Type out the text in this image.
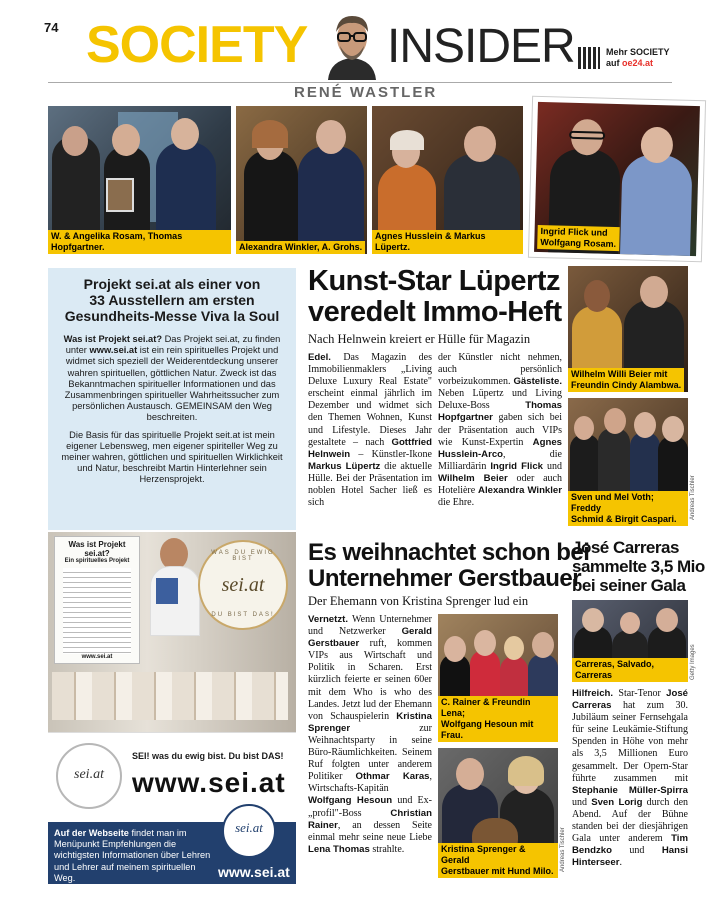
74 SOCIETY INSIDER	Mehr SOCIETY
auf oe24.at
RENÉ WASTLER
W. & Angelika Rosam, Thomas Hopfgartner.	Alexandra Winkler, A. Grohs.
Agnes Husslein & Markus Lüpertz.
Ingrid Flick und
Wolfgang Rosam.
Projekt sei.at als einer von
33 Ausstellern am ersten
Gesundheits-Messe Viva la Soul

Was ist Projekt sei.at? Das Projekt sei.at, zu finden unter www.sei.at ist ein rein spirituelles Projekt und widmet sich speziell der Weiderentdeckung unserer wahren spirituellen, göttlichen Natur. Zweck ist das Bekanntmachen spiritueller Informationen und das Zusammenbringen spiritueller Wahrheitssucher zum persönlichen Austausch. GEMEINSAM den Weg beschreiten.

Die Basis für das spirituelle Projekt seit.at ist mein eigener Lebensweg, men eigener spiriteller Weg zu meiner wahren, göttlichen und spirituellen Wirklichkeit und Natur, beschreibt Martin Hinterlehner sein Herzensprojekt.

Was ist Projekt sei.at?
Ein spirituelles Projekt
www.sei.at
WAS DU EWIG BIST
sei.at
DU BIST DAS!
sei.at
SEI! was du ewig bist. Du bist DAS!
www.sei.at
Auf der Webseite findet man im Menüpunkt Empfehlungen die wichtigsten Informationen über Lehren und Lehrer auf meinem spirituellen Weg.
sei.at
www.sei.at
Kunst-Star Lüpertz
veredelt Immo-Heft
Nach Helnwein kreiert er Hülle für Magazin
Edel. Das Magazin des Immobilienmaklers „Living Deluxe Luxury Real Estate" erscheint einmal jährlich im Dezember und widmet sich den Themen Wohnen, Kunst und Lifestyle. Dieses Jahr gestaltete – nach Gottfried Helnwein – Künstler-Ikone Markus Lüpertz die aktuelle Hülle. Bei der Präsentation im noblen Hotel Sacher ließ es sich
der Künstler nicht nehmen, auch persönlich vorbeizukommen. Gästeliste. Neben Lüpertz und Living Deluxe-Boss Thomas Hopfgartner gaben sich bei der Präsentation auch VIPs wie Kunst-Expertin Agnes Husslein-Arco, die Milliardärin Ingrid Flick und Wilhelm Beier oder auch Hotelière Alexandra Winkler die Ehre.
Wilhelm Willi Beier mit
Freundin Cindy Alambwa.
Sven und Mel Voth; Freddy
Schmid & Birgit Caspari.	Andreas Tischler
Es weihnachtet schon bei
Unternehmer Gerstbauer
Der Ehemann von Kristina Sprenger lud ein
Vernetzt. Wenn Unternehmer und Netzwerker Gerald Gerstbauer ruft, kommen VIPs aus Wirtschaft und Politik in Scharen. Erst kürzlich feierte er seinen 60er mit dem Who is who des Landes. Jetzt lud der Ehemann von Schauspielerin Kristina Sprenger zur Weihnachtsparty in seine Büro-Räumlichkeiten. Seinem Ruf folgten unter anderem Politiker Othmar Karas, Wirtschafts-Kapitän Wolfgang Hesoun und Ex-„profil"-Boss Christian Rainer, an dessen Seite einmal mehr seine neue Liebe Lena Thomas strahlte.
C. Rainer & Freundin Lena;
Wolfgang Hesoun mit Frau.
Kristina Sprenger & Gerald
Gerstbauer mit Hund Milo. Andreas Tischler
José Carreras
sammelte 3,5 Mio
bei seiner Gala
Carreras, Salvado, Carreras	Getty Images
Hilfreich. Star-Tenor José Carreras hat zum 30. Jubiläum seiner Fernsehgala für seine Leukämie-Stiftung Spenden in Höhe von mehr als 3,5 Millionen Euro gesammelt. Der Opern-Star führte zusammen mit Stephanie Müller-Spirra und Sven Lorig durch den Abend. Auf der Bühne standen bei der diesjährigen Gala unter anderem Tim Bendzko und Hansi Hinterseer.
